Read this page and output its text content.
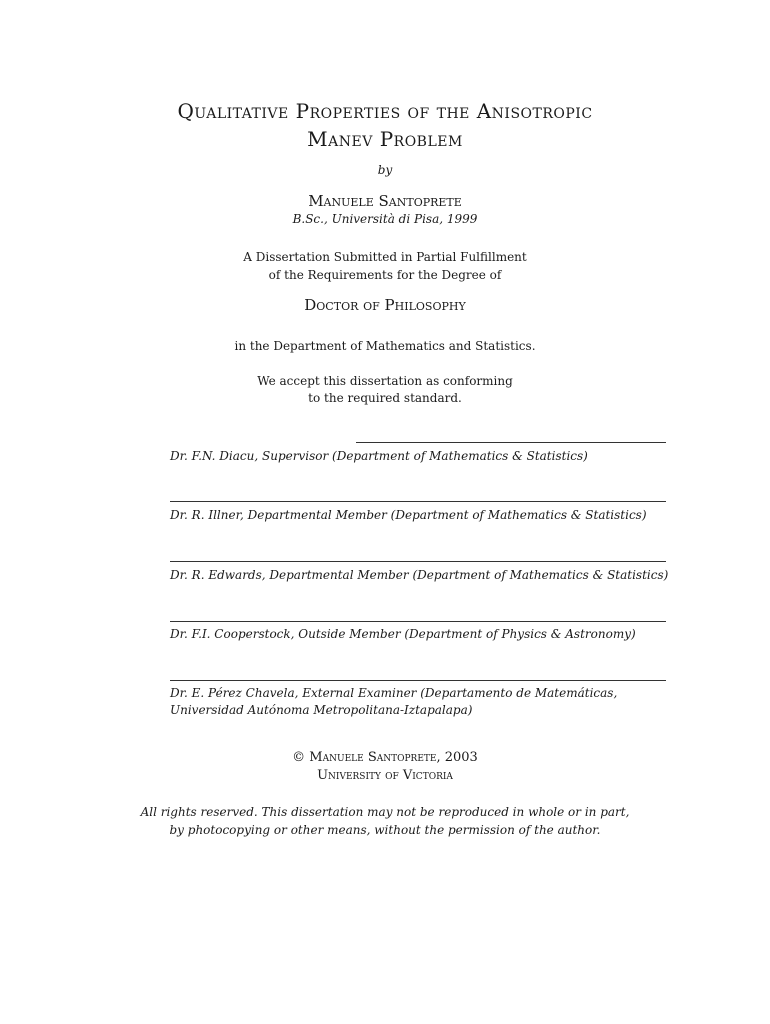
Qualitative Properties of the Anisotropic
Manev Problem
by
Manuele Santoprete
B.Sc., Università di Pisa, 1999
A Dissertation Submitted in Partial Fulfillment
of the Requirements for the Degree of
Doctor of Philosophy
in the Department of Mathematics and Statistics.
We accept this dissertation as conforming
to the required standard.
Dr. F.N. Diacu, Supervisor (Department of Mathematics & Statistics)
Dr. R. Illner, Departmental Member (Department of Mathematics & Statistics)
Dr. R. Edwards, Departmental Member (Department of Mathematics & Statistics)
Dr. F.I. Cooperstock, Outside Member (Department of Physics & Astronomy)
Dr. E. Pérez Chavela, External Examiner (Departamento de Matemáticas, Universidad Autónoma Metropolitana-Iztapalapa)
© Manuele Santoprete, 2003
University of Victoria
All rights reserved. This dissertation may not be reproduced in whole or in part,
by photocopying or other means, without the permission of the author.
